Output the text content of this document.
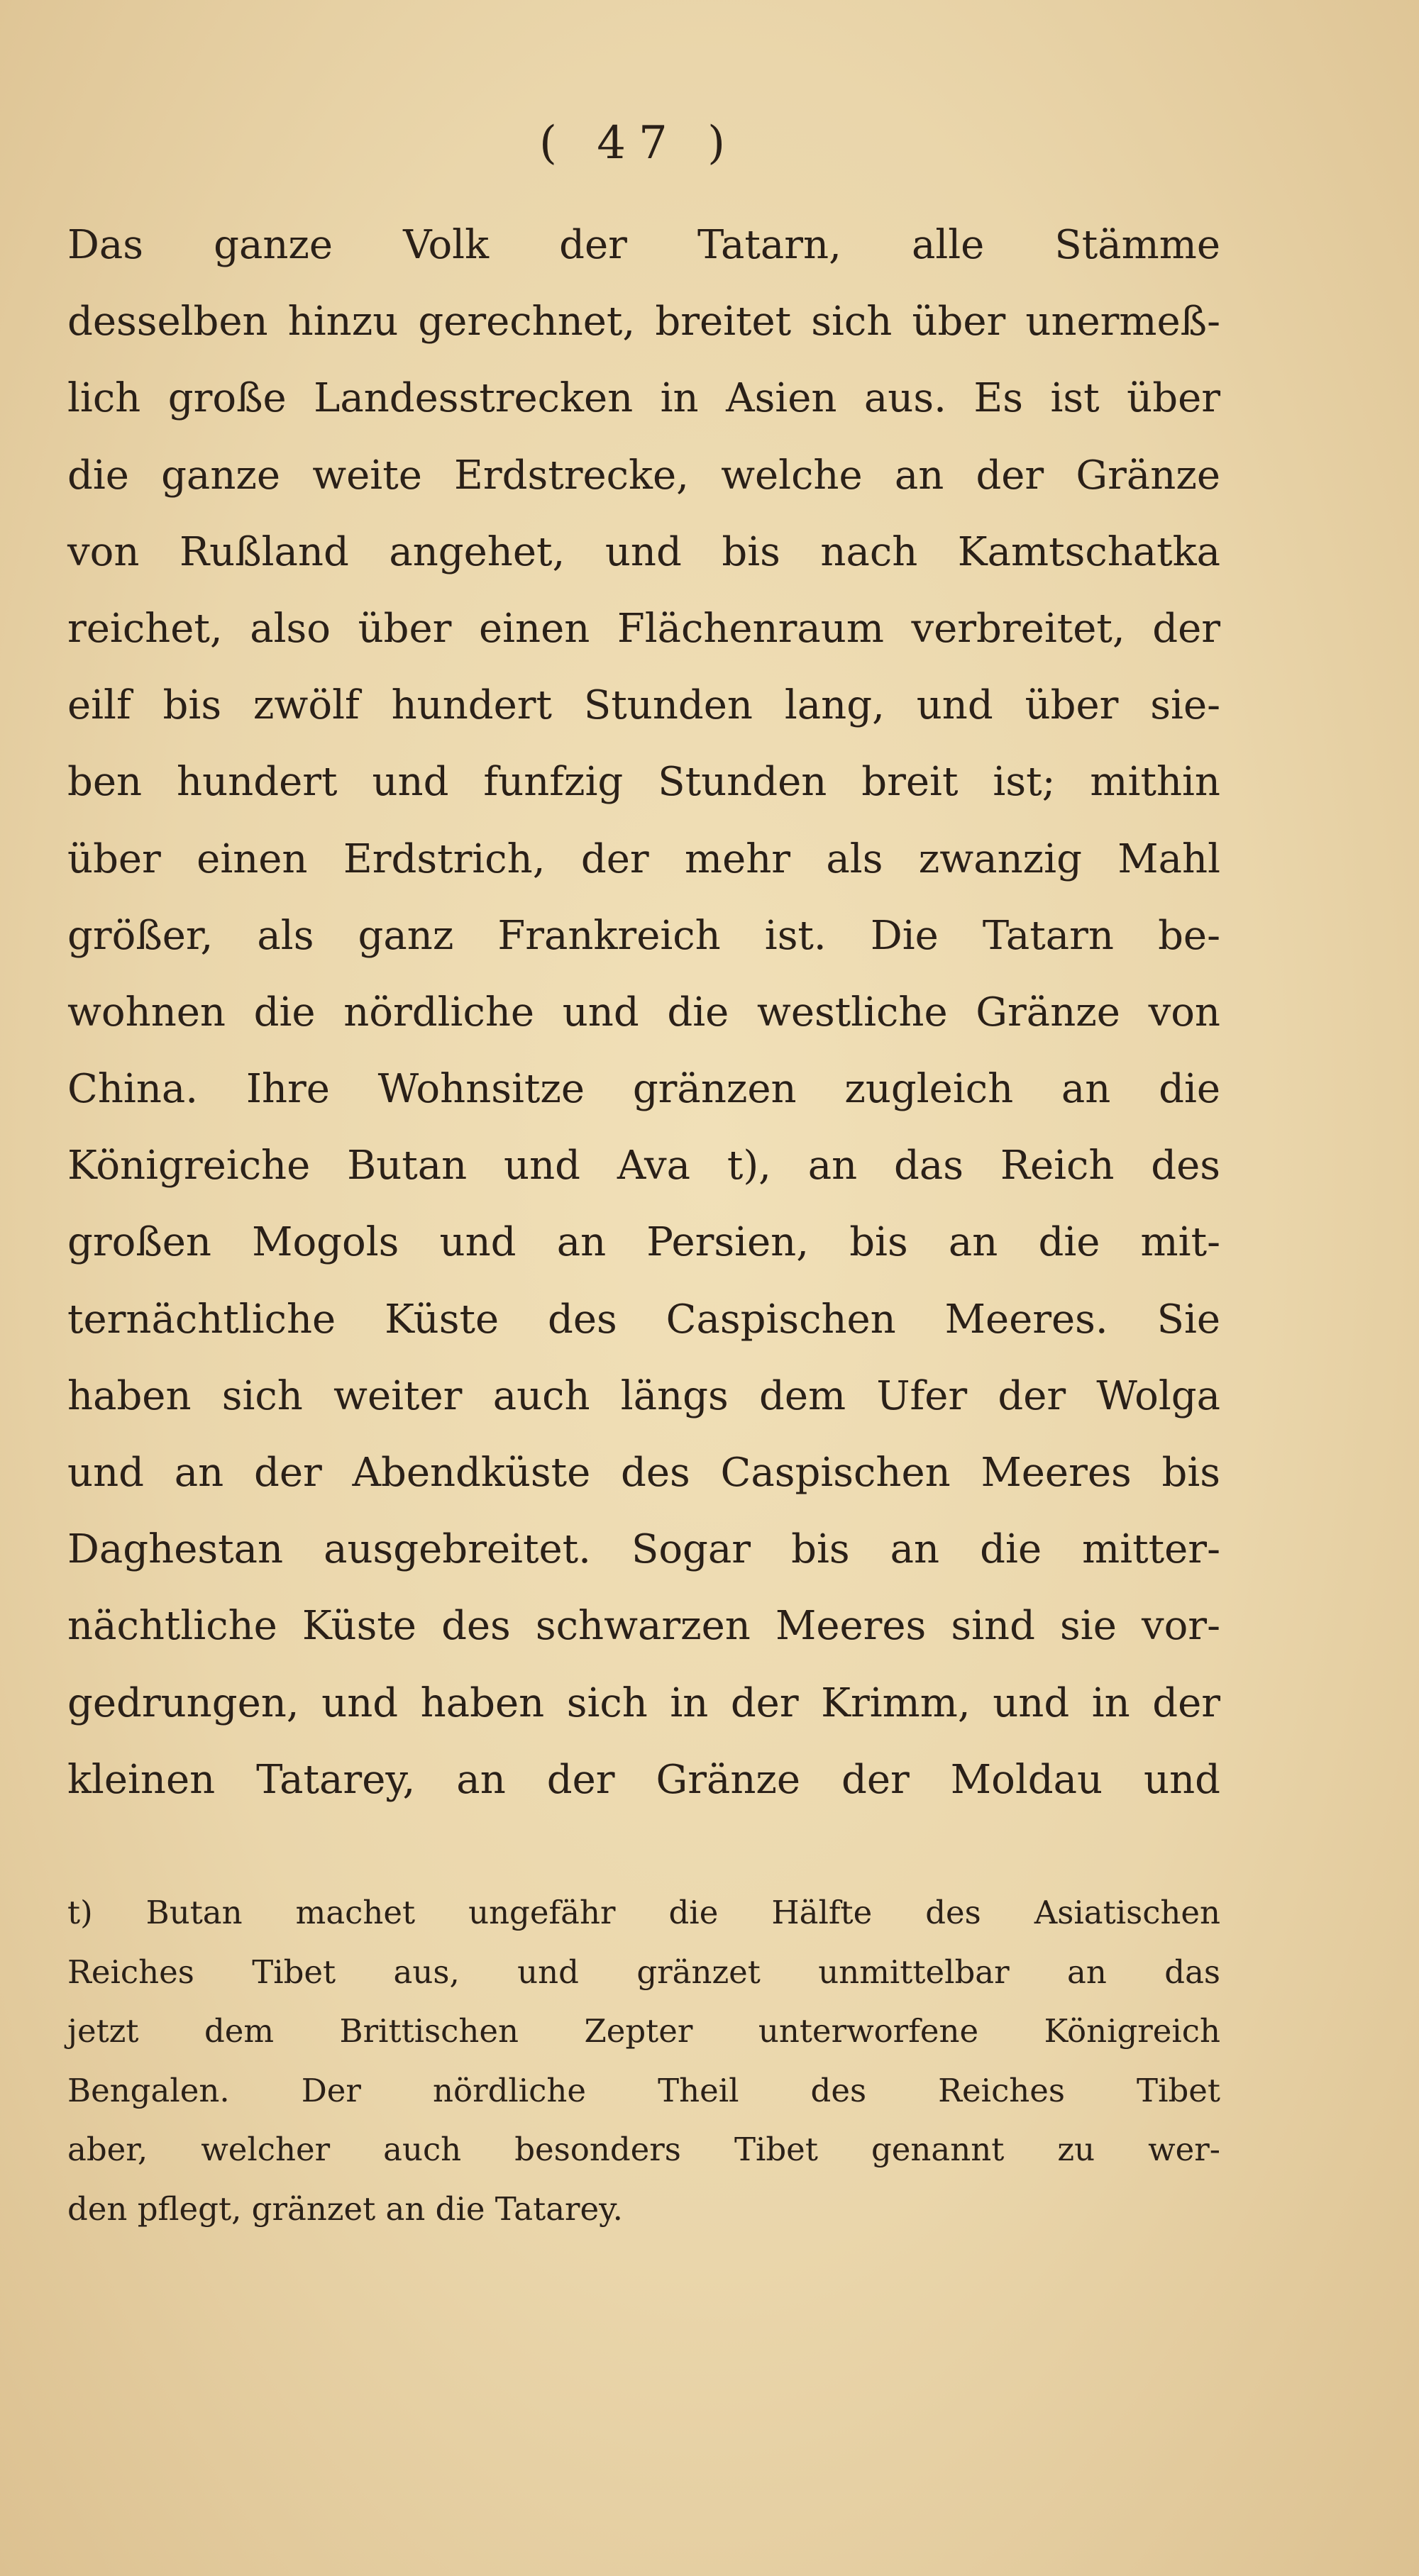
( 47 )
Das ganze Volk der Tatarn, alle Stämme
desselben hinzu gerechnet, breitet sich über unermeß-
lich große Landesstrecken in Asien aus. Es ist über
die ganze weite Erdstrecke, welche an der Gränze
von Rußland angehet, und bis nach Kamtschatka
reichet, also über einen Flächenraum verbreitet, der
eilf bis zwölf hundert Stunden lang, und über sie-
ben hundert und funfzig Stunden breit ist; mithin
über einen Erdstrich, der mehr als zwanzig Mahl
größer, als ganz Frankreich ist. Die Tatarn be-
wohnen die nördliche und die westliche Gränze von
China. Ihre Wohnsitze gränzen zugleich an die
Königreiche Butan und Ava t), an das Reich des
großen Mogols und an Persien, bis an die mit-
ternächtliche Küste des Caspischen Meeres. Sie
haben sich weiter auch längs dem Ufer der Wolga
und an der Abendküste des Caspischen Meeres bis
Daghestan ausgebreitet. Sogar bis an die mitter-
nächtliche Küste des schwarzen Meeres sind sie vor-
gedrungen, und haben sich in der Krimm, und in der
kleinen Tatarey, an der Gränze der Moldau und
t) Butan machet ungefähr die Hälfte des Asiatischen
Reiches Tibet aus, und gränzet unmittelbar an das
jetzt dem Brittischen Zepter unterworfene Königreich
Bengalen. Der nördliche Theil des Reiches Tibet
aber, welcher auch besonders Tibet genannt zu wer-
den pflegt, gränzet an die Tatarey.
